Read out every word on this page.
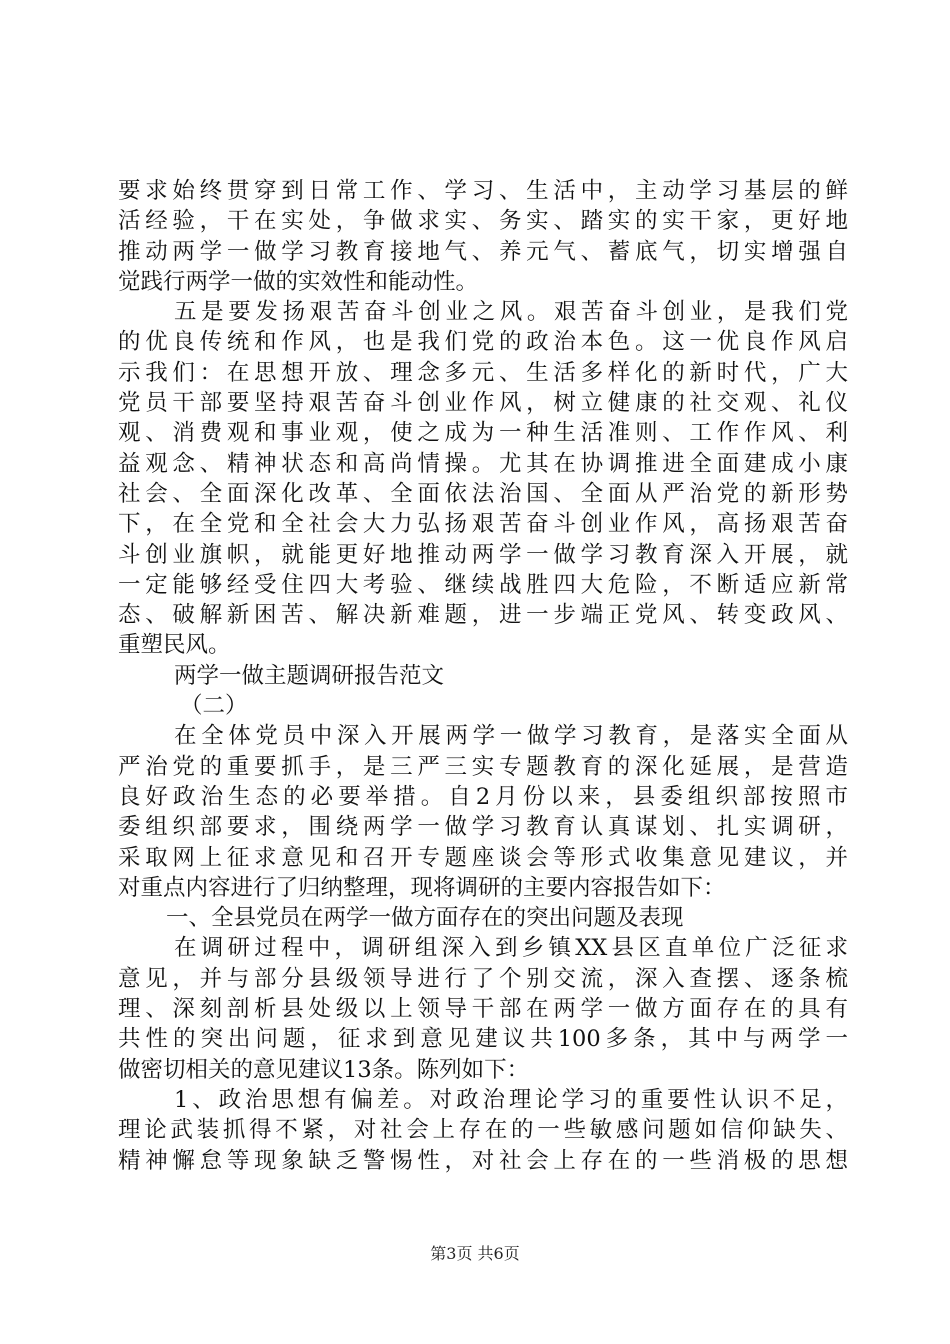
要求始终贯穿到日常工作、学习、生活中，主动学习基层的鲜
活经验，干在实处，争做求实、务实、踏实的实干家，更好地
推动两学一做学习教育接地气、养元气、蓄底气，切实增强自
觉践行两学一做的实效性和能动性。
五是要发扬艰苦奋斗创业之风。艰苦奋斗创业，是我们党
的优良传统和作风，也是我们党的政治本色。这一优良作风启
示我们：在思想开放、理念多元、生活多样化的新时代，广大
党员干部要坚持艰苦奋斗创业作风，树立健康的社交观、礼仪
观、消费观和事业观，使之成为一种生活准则、工作作风、利
益观念、精神状态和高尚情操。尤其在协调推进全面建成小康
社会、全面深化改革、全面依法治国、全面从严治党的新形势
下，在全党和全社会大力弘扬艰苦奋斗创业作风，高扬艰苦奋
斗创业旗帜，就能更好地推动两学一做学习教育深入开展，就
一定能够经受住四大考验、继续战胜四大危险，不断适应新常
态、破解新困苦、解决新难题，进一步端正党风、转变政风、
重塑民风。
两学一做主题调研报告范文
（二）
在全体党员中深入开展两学一做学习教育，是落实全面从
严治党的重要抓手，是三严三实专题教育的深化延展，是营造
良好政治生态的必要举措。自2月份以来，县委组织部按照市
委组织部要求，围绕两学一做学习教育认真谋划、扎实调研，
采取网上征求意见和召开专题座谈会等形式收集意见建议，并
对重点内容进行了归纳整理，现将调研的主要内容报告如下：
一、全县党员在两学一做方面存在的突出问题及表现
在调研过程中，调研组深入到乡镇XX县区直单位广泛征求
意见，并与部分县级领导进行了个别交流，深入查摆、逐条梳
理、深刻剖析县处级以上领导干部在两学一做方面存在的具有
共性的突出问题，征求到意见建议共100多条，其中与两学一
做密切相关的意见建议13条。陈列如下：
1、政治思想有偏差。对政治理论学习的重要性认识不足，
理论武装抓得不紧，对社会上存在的一些敏感问题如信仰缺失、
精神懈怠等现象缺乏警惕性，对社会上存在的一些消极的思想
第3页 共6页
